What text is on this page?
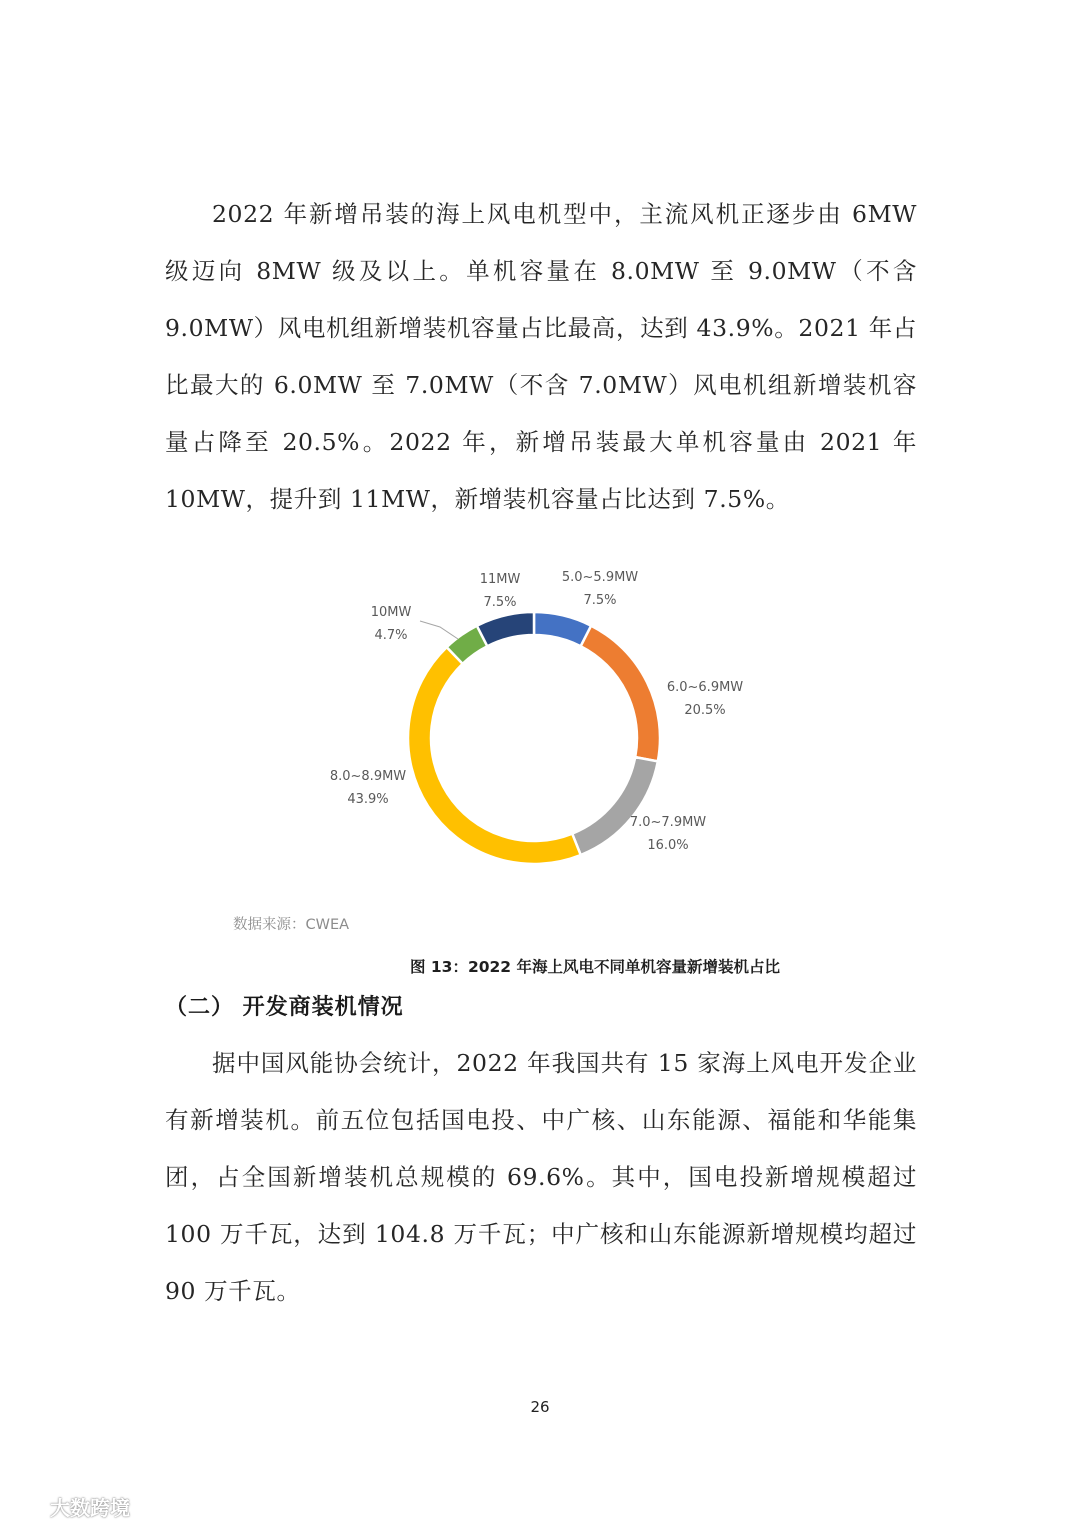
2022 年新增吊装的海上风电机型中，主流风机正逐步由 6MW 级迈向 8MW 级及以上。单机容量在 8.0MW 至 9.0MW（不含 9.0MW）风电机组新增装机容量占比最高，达到 43.9%。2021 年占比最大的 6.0MW 至 7.0MW（不含 7.0MW）风电机组新增装机容量占降至 20.5%。2022 年，新增吊装最大单机容量由 2021 年 10MW，提升到 11MW，新增装机容量占比达到 7.5%。

5.0~5.9MW
7.5%
6.0~6.9MW
20.5%
7.0~7.9MW
16.0%
8.0~8.9MW
43.9%
10MW
4.7%
11MW
7.5%
数据来源：CWEA
图 13：2022 年海上风电不同单机容量新增装机占比
（二） 开发商装机情况

据中国风能协会统计，2022 年我国共有 15 家海上风电开发企业有新增装机。前五位包括国电投、中广核、山东能源、福能和华能集团，占全国新增装机总规模的 69.6%。其中，国电投新增规模超过 100 万千瓦，达到 104.8 万千瓦；中广核和山东能源新增规模均超过 90 万千瓦。

26
大数跨境
